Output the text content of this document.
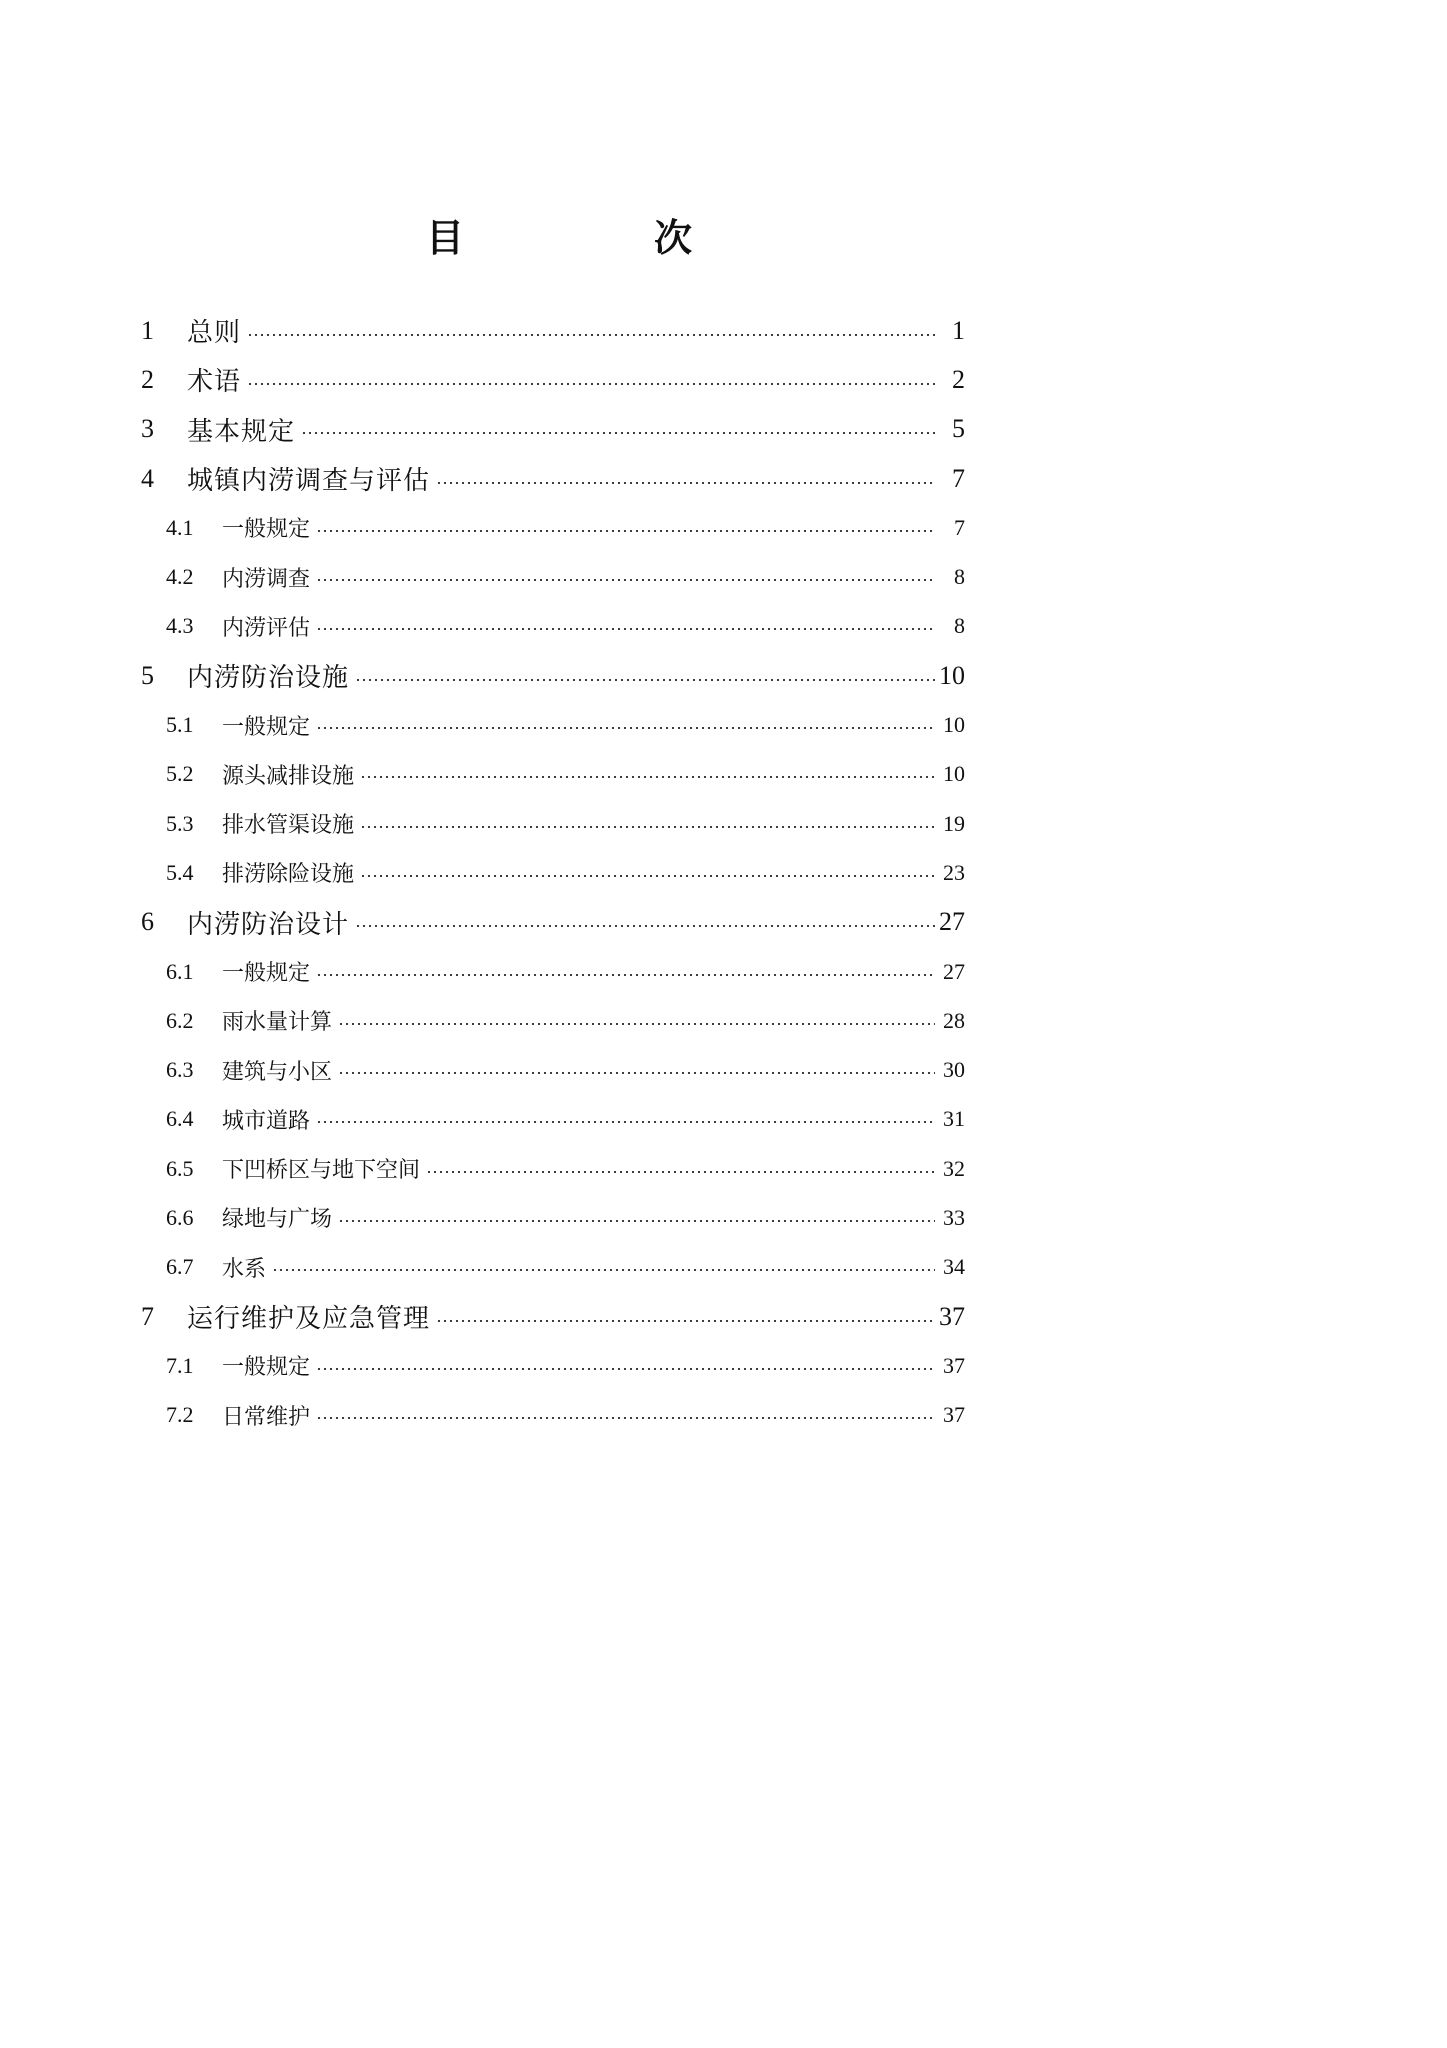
目　次
1	总则	1
2	术语	2
3	基本规定	5
4	城镇内涝调查与评估	7
4.1	一般规定	7
4.2	内涝调查	8
4.3	内涝评估	8
5	内涝防治设施	10
5.1	一般规定	10
5.2	源头减排设施	10
5.3	排水管渠设施	19
5.4	排涝除险设施	23
6	内涝防治设计	27
6.1	一般规定	27
6.2	雨水量计算	28
6.3	建筑与小区	30
6.4	城市道路	31
6.5	下凹桥区与地下空间	32
6.6	绿地与广场	33
6.7	水系	34
7	运行维护及应急管理	37
7.1	一般规定	37
7.2	日常维护	37
